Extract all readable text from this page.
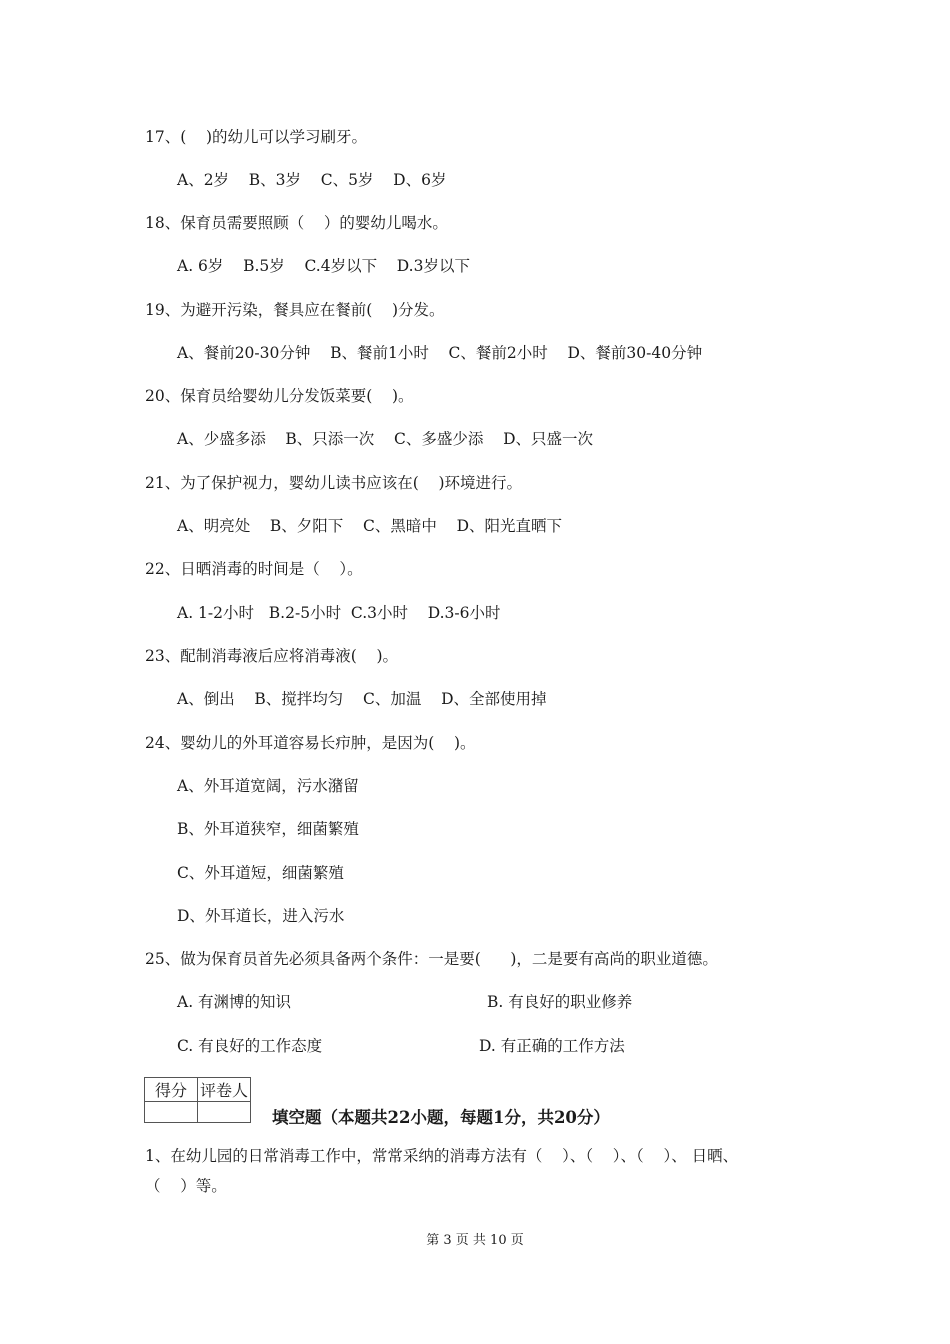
17、(    )的幼儿可以学习刷牙。
A、2岁    B、3岁    C、5岁    D、6岁
18、保育员需要照顾（    ）的婴幼儿喝水。
A. 6岁    B.5岁    C.4岁以下    D.3岁以下
19、为避开污染，餐具应在餐前(    )分发。
A、餐前20-30分钟    B、餐前1小时    C、餐前2小时    D、餐前30-40分钟
20、保育员给婴幼儿分发饭菜要(    )。
A、少盛多添    B、只添一次    C、多盛少添    D、只盛一次
21、为了保护视力，婴幼儿读书应该在(    )环境进行。
A、明亮处    B、夕阳下    C、黑暗中    D、阳光直晒下
22、日晒消毒的时间是（    ）。
A. 1-2小时   B.2-5小时  C.3小时    D.3-6小时
23、配制消毒液后应将消毒液(    )。
A、倒出    B、搅拌均匀    C、加温    D、全部使用掉
24、婴幼儿的外耳道容易长疖肿，是因为(    )。
A、外耳道宽阔，污水潴留
B、外耳道狭窄，细菌繁殖
C、外耳道短，细菌繁殖
D、外耳道长，进入污水
25、做为保育员首先必须具备两个条件：一是要(      )，二是要有高尚的职业道德。
A. 有渊博的知识	B. 有良好的职业修养
C. 有良好的工作态度	D. 有正确的工作方法
得分	评卷人

填空题（本题共22小题，每题1分，共20分）
1、在幼儿园的日常消毒工作中，常常采纳的消毒方法有（    ）、（    ）、（    ）、 日晒、
（    ）等。
第 3 页 共 10 页
